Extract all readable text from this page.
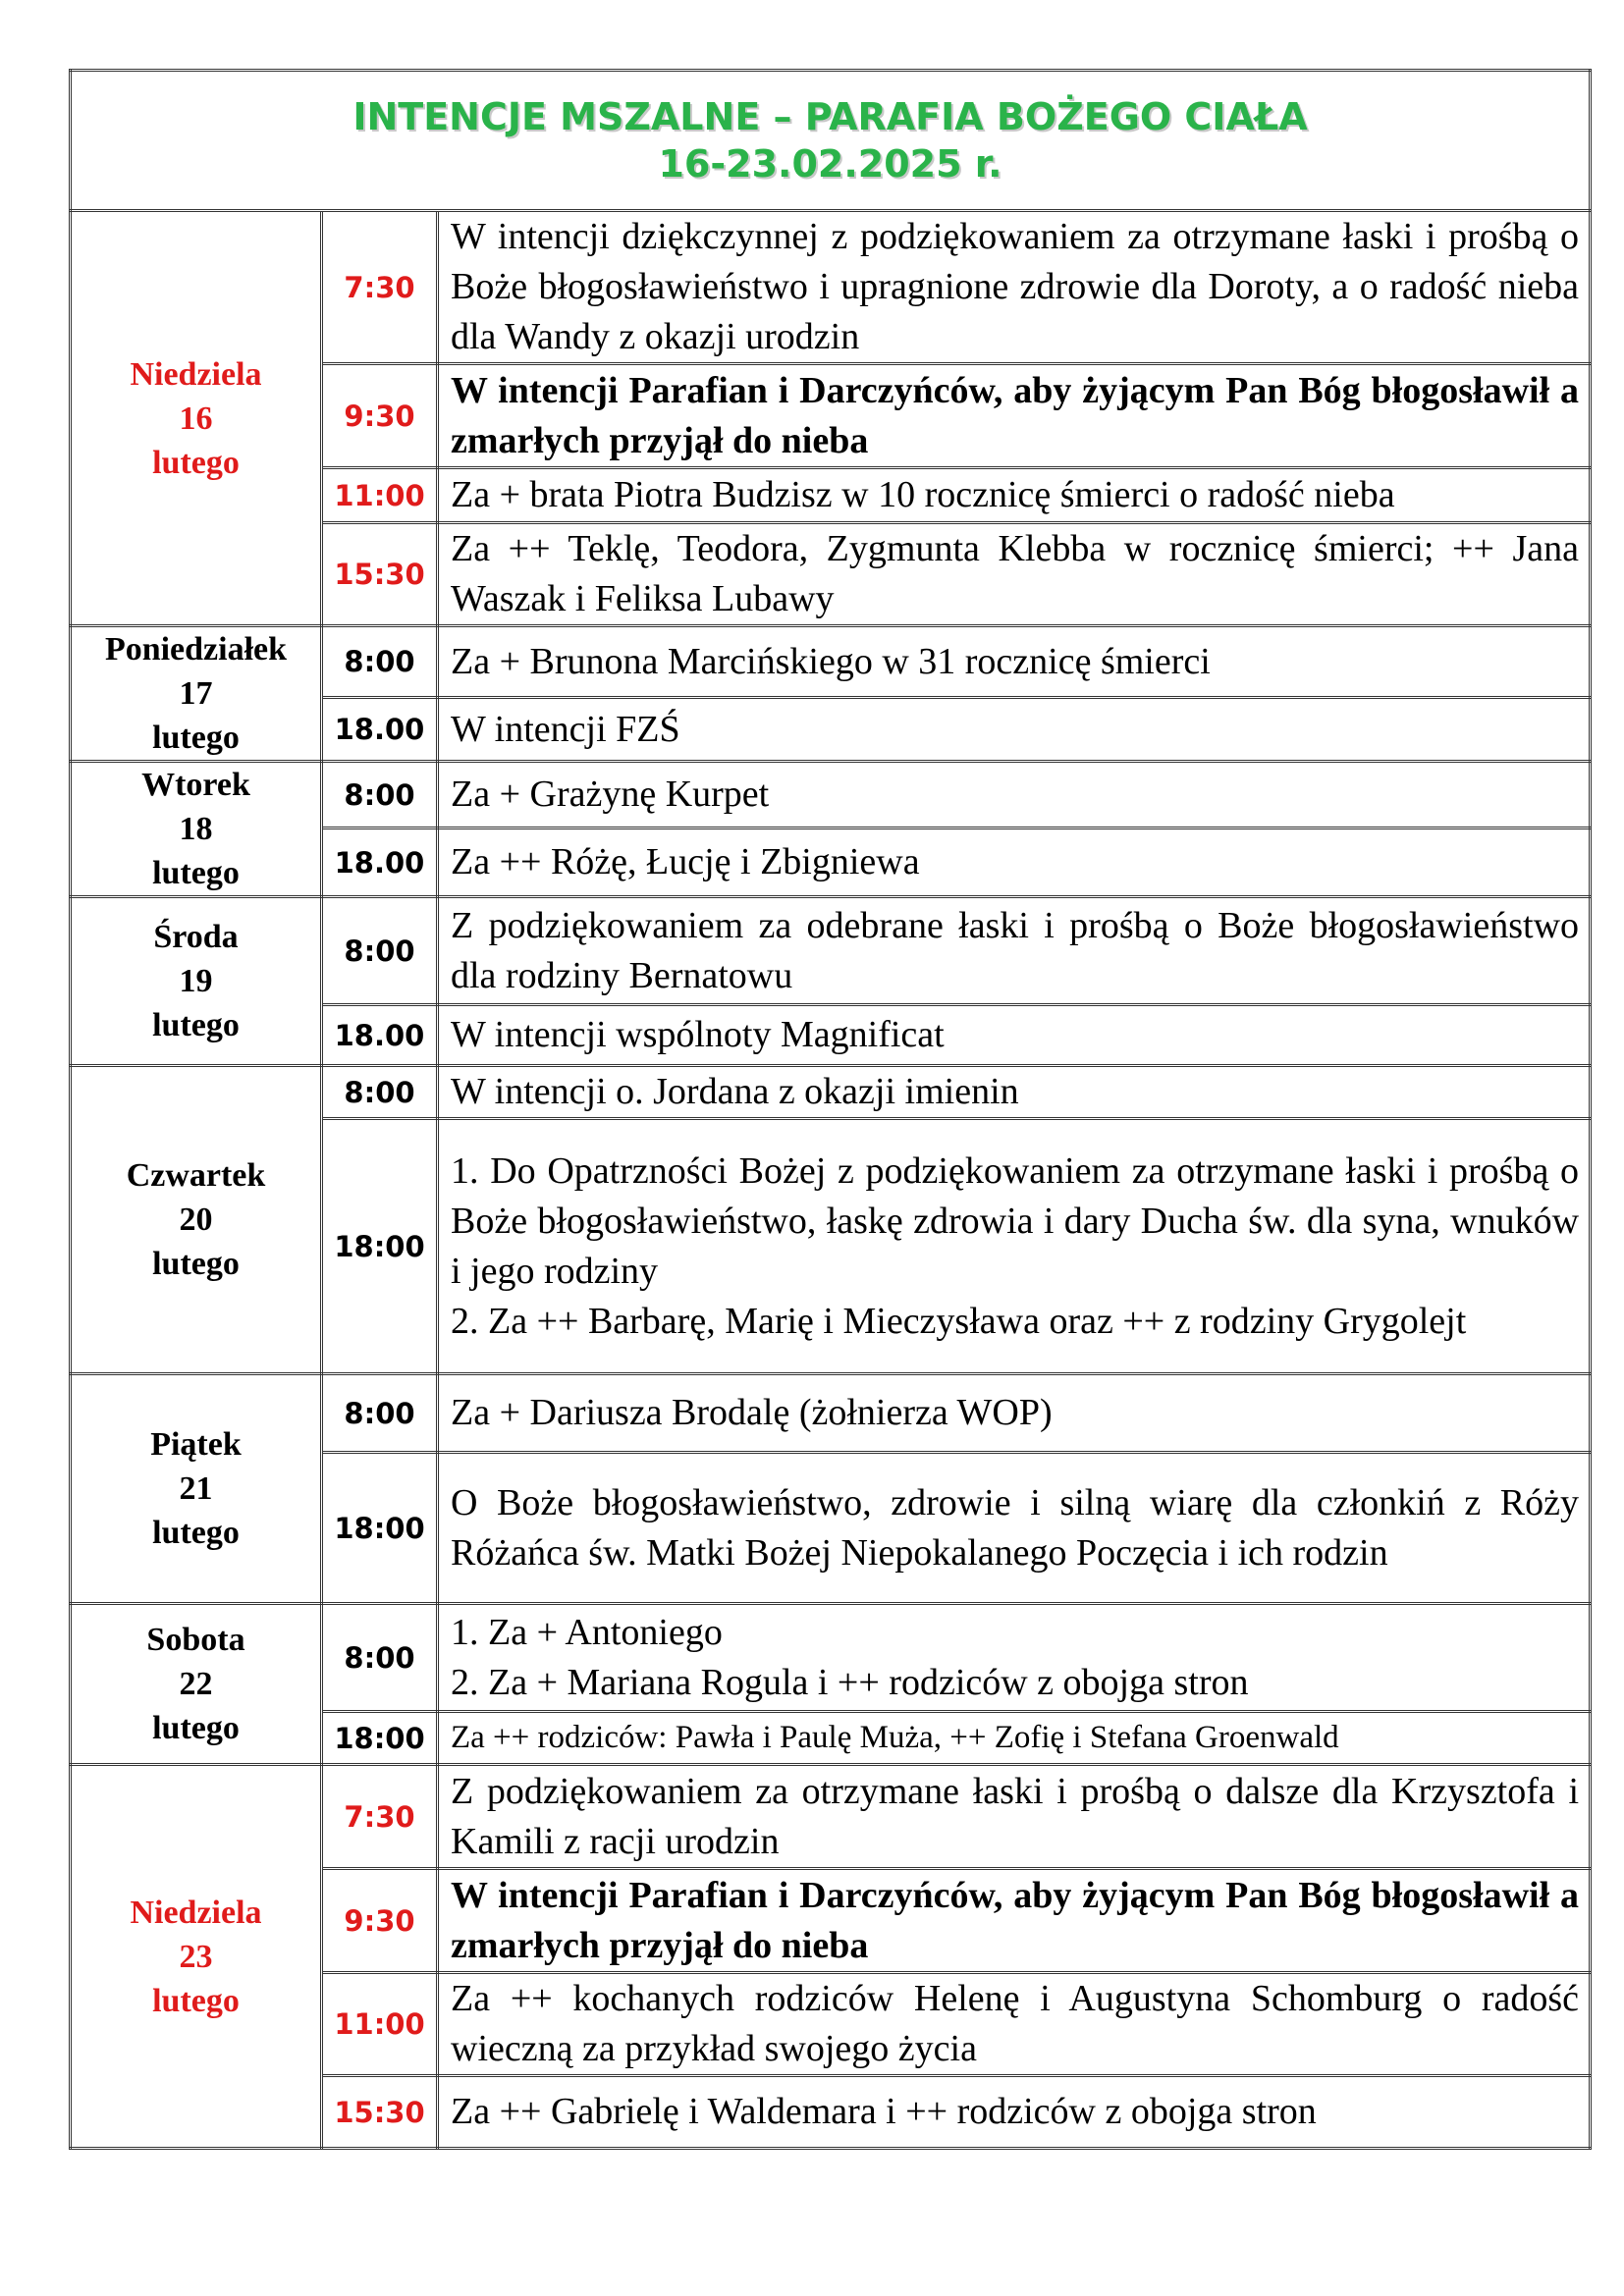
INTENCJE MSZALNE – PARAFIA BOŻEGO CIAŁA
16-23.02.2025 r.		

Niedziela
16
lutego	7:30	W intencji dziękczynnej z podziękowaniem za otrzymane łaski i prośbą o Boże błogosławieństwo i upragnione zdrowie dla Doroty, a o radość nieba dla Wandy z okazji urodzin
	9:30	W intencji Parafian i Darczyńców, aby żyjącym Pan Bóg błogosławił a zmarłych przyjął do nieba
	11:00	Za + brata Piotra Budzisz w 10 rocznicę śmierci o radość nieba
	15:30	Za ++ Teklę, Teodora, Zygmunta Klebba w rocznicę śmierci; ++ Jana Waszak i Feliksa Lubawy

Poniedziałek
17
lutego	8:00	Za + Brunona Marcińskiego w 31 rocznicę śmierci
	18.00	W intencji FZŚ

Wtorek
18
lutego	8:00	Za + Grażynę Kurpet
	18.00	Za ++ Różę, Łucję i Zbigniewa

Środa
19
lutego	8:00	Z podziękowaniem za odebrane łaski i prośbą o Boże błogosławieństwo dla rodziny Bernatowu
	18.00	W intencji wspólnoty Magnificat

Czwartek
20
lutego	8:00	W intencji o. Jordana z okazji imienin
	18:00	1. Do Opatrzności Bożej z podziękowaniem za otrzymane łaski i prośbą o Boże błogosławieństwo, łaskę zdrowia i dary Ducha św. dla syna, wnuków i jego rodziny
2. Za ++ Barbarę, Marię i Mieczysława oraz ++ z rodziny Grygolejt

Piątek
21
lutego	8:00	Za + Dariusza Brodalę (żołnierza WOP)
	18:00	O Boże błogosławieństwo, zdrowie i silną wiarę dla członkiń z Róży Różańca św. Matki Bożej Niepokalanego Poczęcia i ich rodzin

Sobota
22
lutego	8:00	1. Za + Antoniego
2. Za + Mariana Rogula i ++ rodziców z obojga stron

	18:00	Za ++ rodziców: Pawła i Paulę Muża, ++ Zofię i Stefana Groenwald

Niedziela
23
lutego	7:30	Z podziękowaniem za otrzymane łaski i prośbą o dalsze dla Krzysztofa i Kamili z racji urodzin
	9:30	W intencji Parafian i Darczyńców, aby żyjącym Pan Bóg błogosławił a zmarłych przyjął do nieba
	11:00	Za ++ kochanych rodziców Helenę i Augustyna Schomburg o radość wieczną za przykład swojego życia
	15:30	Za ++ Gabrielę i Waldemara i ++ rodziców z obojga stron
